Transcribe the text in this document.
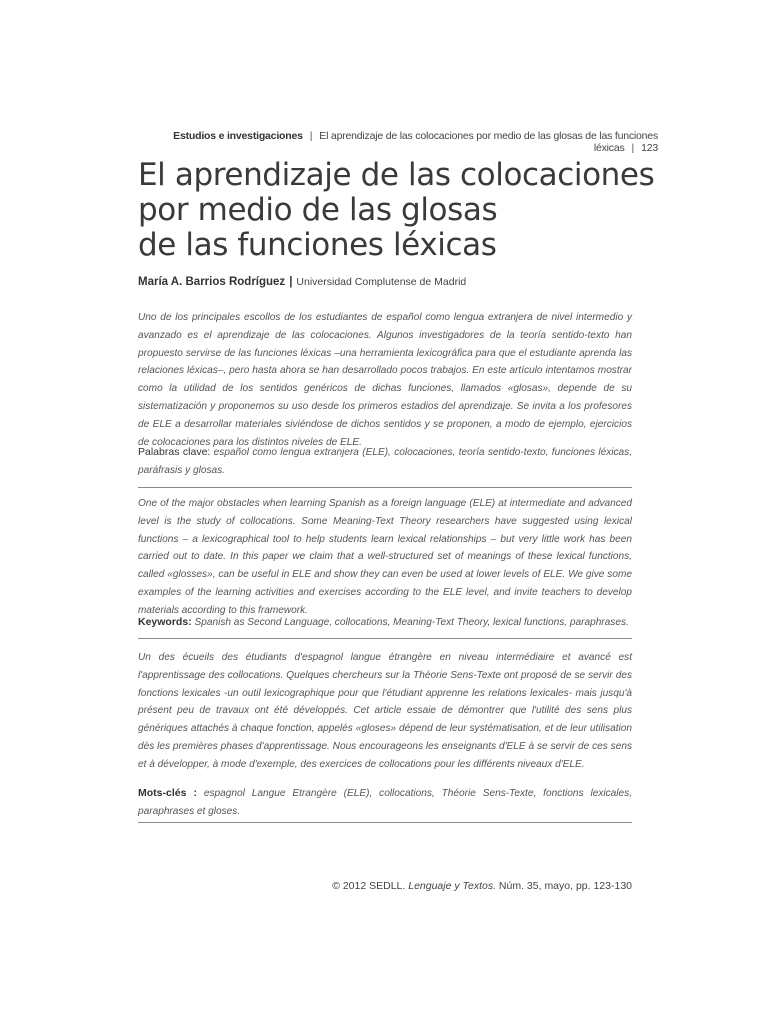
Estudios e investigaciones | El aprendizaje de las colocaciones por medio de las glosas de las funciones léxicas | 123
El aprendizaje de las colocaciones
por medio de las glosas
de las funciones léxicas
María A. Barrios Rodríguez | Universidad Complutense de Madrid

Uno de los principales escollos de los estudiantes de español como lengua extranjera de nivel intermedio y avanzado es el aprendizaje de las colocaciones. Algunos investigadores de la teoría sentido-texto han propuesto servirse de las funciones léxicas –una herramienta lexicográfica para que el estudiante aprenda las relaciones léxicas–, pero hasta ahora se han desarrollado pocos trabajos. En este artículo intentamos mostrar como la utilidad de los sentidos genéricos de dichas funciones, llamados «glosas», depende de su sistematización y proponemos su uso desde los primeros estadios del aprendizaje. Se invita a los profesores de ELE a desarrollar materiales siviéndose de dichos sentidos y se proponen, a modo de ejemplo, ejercicios de colocaciones para los distintos niveles de ELE.

Palabras clave: español como lengua extranjera (ELE), colocaciones, teoría sentido-texto, funciones léxicas, paráfrasis y glosas.

One of the major obstacles when learning Spanish as a foreign language (ELE) at intermediate and advanced level is the study of collocations. Some Meaning-Text Theory researchers have suggested using lexical functions – a lexicographical tool to help students learn lexical relationships – but very little work has been carried out to date. In this paper we claim that a well-structured set of meanings of these lexical functions, called «glosses», can be useful in ELE and show they can even be used at lower levels of ELE. We give some examples of the learning activities and exercises according to the ELE level, and invite teachers to develop materials according to this framework.

Keywords: Spanish as Second Language, collocations, Meaning-Text Theory, lexical functions, paraphrases.

Un des écueils des étudiants d'espagnol langue étrangère en niveau intermédiaire et avancé est l'apprentissage des collocations. Quelques chercheurs sur la Théorie Sens-Texte ont proposé de se servir des fonctions lexicales -un outil lexicographique pour que l'étudiant apprenne les relations lexicales- mais jusqu'à présent peu de travaux ont été développés. Cet article essaie de démontrer que l'utilité des sens plus génériques attachés à chaque fonction, appelés «gloses» dépend de leur systématisation, et de leur utilisation dès les premières phases d'apprentissage. Nous encourageons les enseignants d'ELE à se servir de ces sens et à développer, à mode d'exemple, des exercices de collocations pour les différents niveaux d'ELE.

Mots-clés : espagnol Langue Etrangère (ELE), collocations, Théorie Sens-Texte, fonctions lexicales, paraphrases et gloses.

© 2012 SEDLL. Lenguaje y Textos. Núm. 35, mayo, pp. 123-130
